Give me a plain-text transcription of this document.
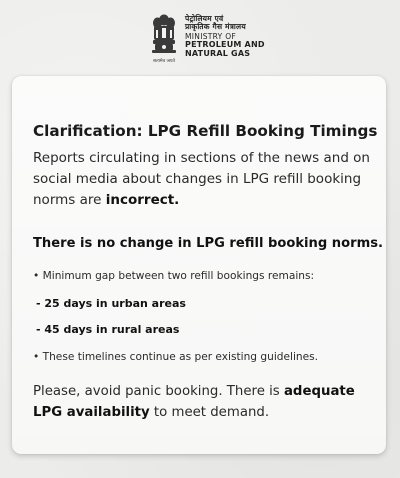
सत्यमेव जयते
पेट्रोलियम एवं
प्राकृतिक गैस मंत्रालय
MINISTRY OF
PETROLEUM AND
NATURAL GAS
Clarification: LPG Refill Booking Timings

Reports circulating in sections of the news and on social media about changes in LPG refill booking norms are incorrect.

There is no change in LPG refill booking norms.

• Minimum gap between two refill bookings remains:

- 25 days in urban areas

- 45 days in rural areas

• These timelines continue as per existing guidelines.

Please, avoid panic booking. There is adequate LPG availability to meet demand.
